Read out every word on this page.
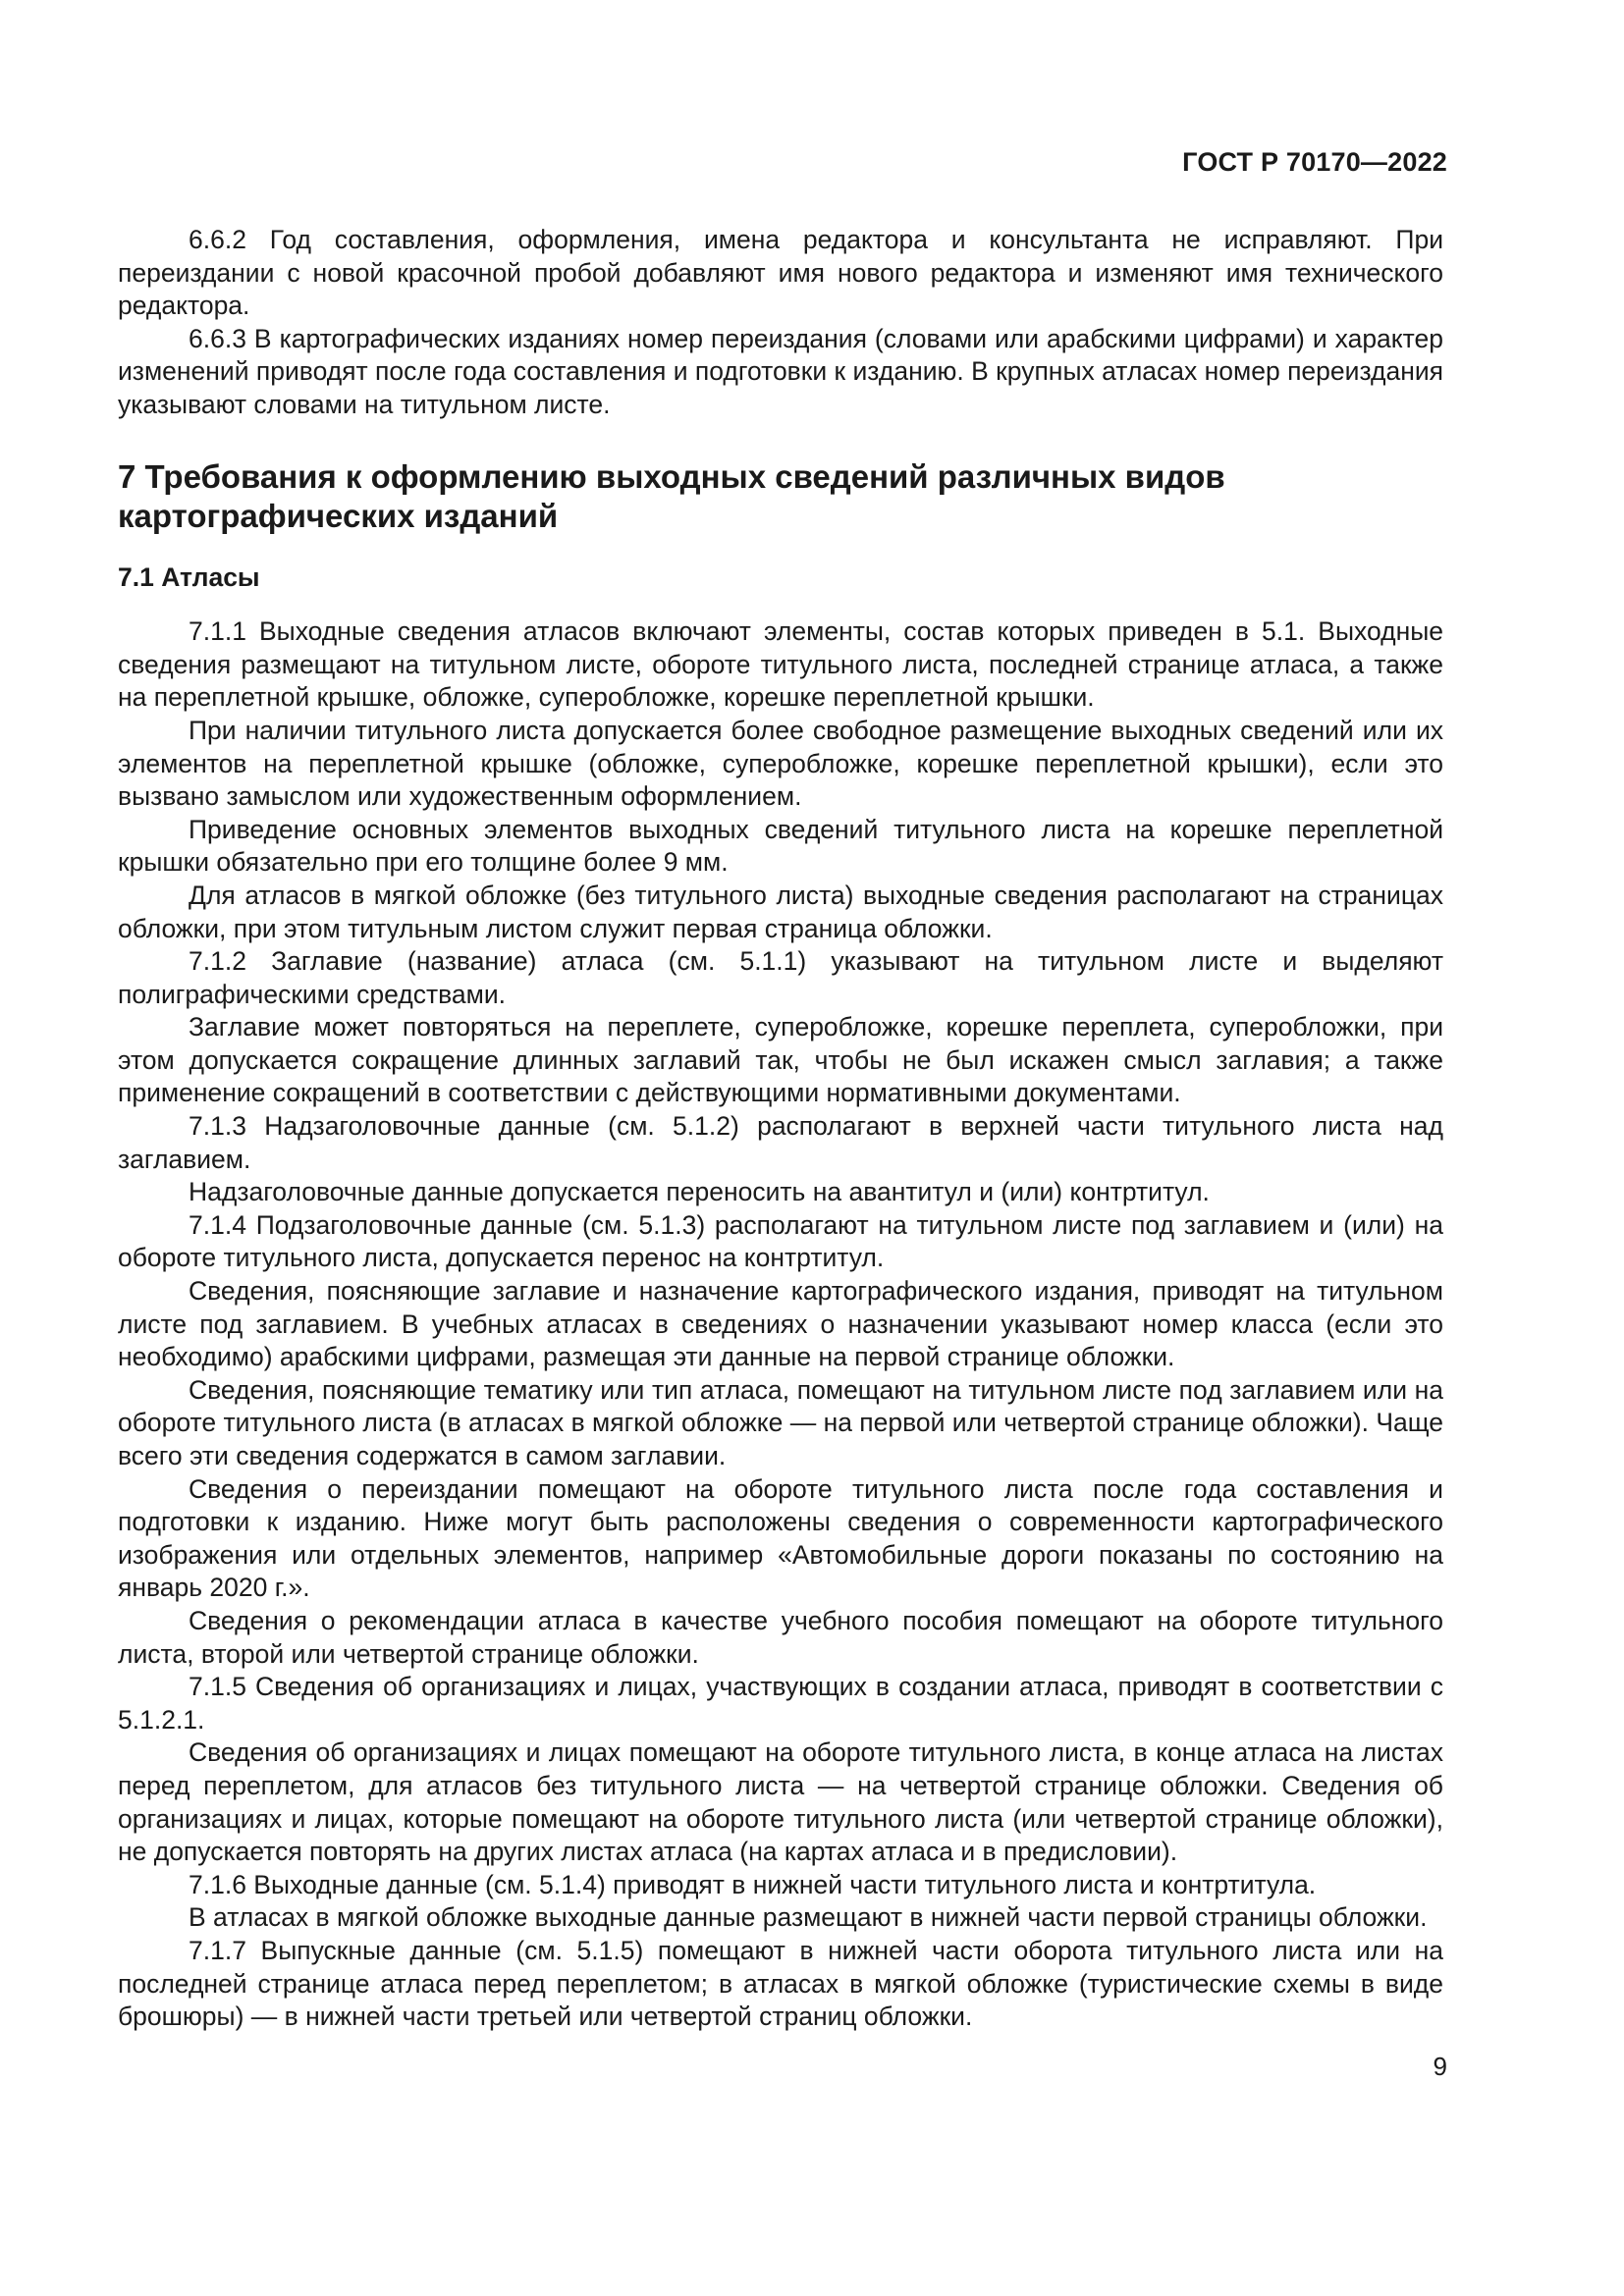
ГОСТ Р 70170—2022

6.6.2 Год составления, оформления, имена редактора и консультанта не исправляют. При переиздании с новой красочной пробой добавляют имя нового редактора и изменяют имя технического редактора.

6.6.3 В картографических изданиях номер переиздания (словами или арабскими цифрами) и характер изменений приводят после года составления и подготовки к изданию. В крупных атласах номер переиздания указывают словами на титульном листе.

7 Требования к оформлению выходных сведений различных видов картографических изданий
7.1 Атласы

7.1.1 Выходные сведения атласов включают элементы, состав которых приведен в 5.1. Выходные сведения размещают на титульном листе, обороте титульного листа, последней странице атласа, а также на переплетной крышке, обложке, суперобложке, корешке переплетной крышки.

При наличии титульного листа допускается более свободное размещение выходных сведений или их элементов на переплетной крышке (обложке, суперобложке, корешке переплетной крышки), если это вызвано замыслом или художественным оформлением.

Приведение основных элементов выходных сведений титульного листа на корешке переплетной крышки обязательно при его толщине более 9 мм.

Для атласов в мягкой обложке (без титульного листа) выходные сведения располагают на страницах обложки, при этом титульным листом служит первая страница обложки.

7.1.2 Заглавие (название) атласа (см. 5.1.1) указывают на титульном листе и выделяют полиграфическими средствами.

Заглавие может повторяться на переплете, суперобложке, корешке переплета, суперобложки, при этом допускается сокращение длинных заглавий так, чтобы не был искажен смысл заглавия; а также применение сокращений в соответствии с действующими нормативными документами.

7.1.3 Надзаголовочные данные (см. 5.1.2) располагают в верхней части титульного листа над заглавием.

Надзаголовочные данные допускается переносить на авантитул и (или) контртитул.

7.1.4 Подзаголовочные данные (см. 5.1.3) располагают на титульном листе под заглавием и (или) на обороте титульного листа, допускается перенос на контртитул.

Сведения, поясняющие заглавие и назначение картографического издания, приводят на титульном листе под заглавием. В учебных атласах в сведениях о назначении указывают номер класса (если это необходимо) арабскими цифрами, размещая эти данные на первой странице обложки.

Сведения, поясняющие тематику или тип атласа, помещают на титульном листе под заглавием или на обороте титульного листа (в атласах в мягкой обложке — на первой или четвертой странице обложки). Чаще всего эти сведения содержатся в самом заглавии.

Сведения о переиздании помещают на обороте титульного листа после года составления и подготовки к изданию. Ниже могут быть расположены сведения о современности картографического изображения или отдельных элементов, например «Автомобильные дороги показаны по состоянию на январь 2020 г.».

Сведения о рекомендации атласа в качестве учебного пособия помещают на обороте титульного листа, второй или четвертой странице обложки.

7.1.5 Сведения об организациях и лицах, участвующих в создании атласа, приводят в соответствии с 5.1.2.1.

Сведения об организациях и лицах помещают на обороте титульного листа, в конце атласа на листах перед переплетом, для атласов без титульного листа — на четвертой странице обложки. Сведения об организациях и лицах, которые помещают на обороте титульного листа (или четвертой странице обложки), не допускается повторять на других листах атласа (на картах атласа и в предисловии).

7.1.6 Выходные данные (см. 5.1.4) приводят в нижней части титульного листа и контртитула.

В атласах в мягкой обложке выходные данные размещают в нижней части первой страницы обложки.

7.1.7 Выпускные данные (см. 5.1.5) помещают в нижней части оборота титульного листа или на последней странице атласа перед переплетом; в атласах в мягкой обложке (туристические схемы в виде брошюры) — в нижней части третьей или четвертой страниц обложки.

9
